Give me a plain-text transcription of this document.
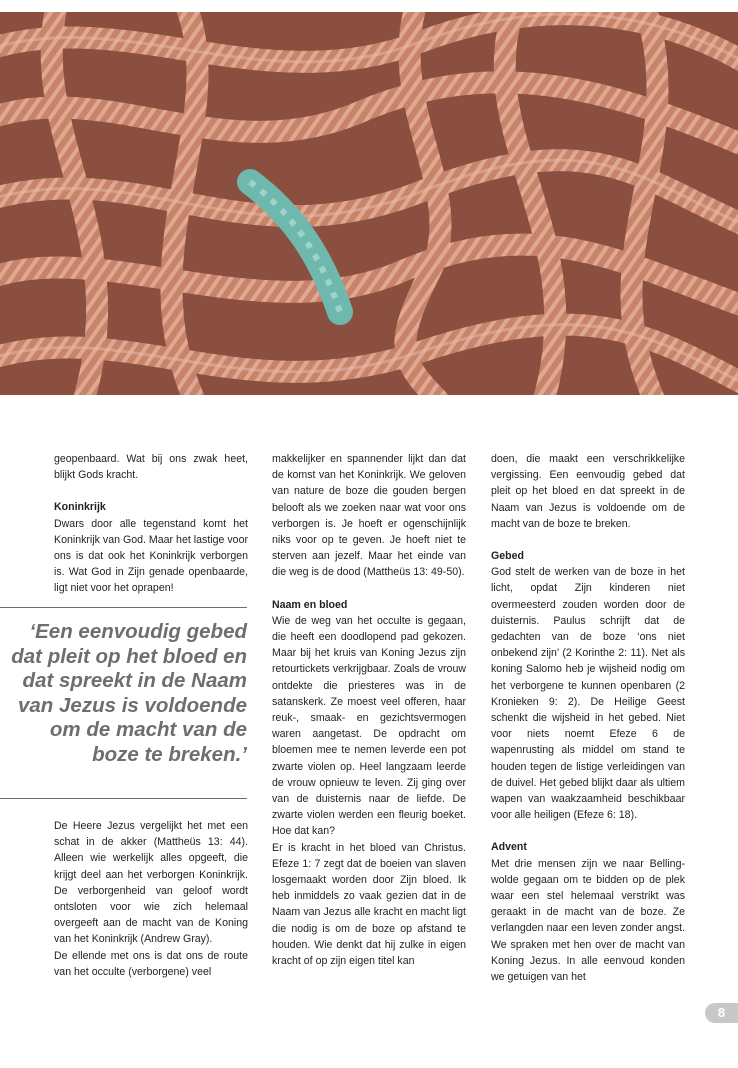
geopenbaard. Wat bij ons zwak heet, blijkt Gods kracht.

Koninkrijk

Dwars door alle tegenstand komt het Koninkrijk van God. Maar het lastige voor ons is dat ook het Koninkrijk verborgen is. Wat God in Zijn genade openbaarde, ligt niet voor het oprapen!

‘Een eenvoudig gebed dat pleit op het bloed en dat spreekt in de Naam van Jezus is voldoende om de macht van de boze te breken.’

De Heere Jezus vergelijkt het met een schat in de akker (Mattheüs 13: 44). Alleen wie werkelijk alles opgeeft, die krijgt deel aan het verborgen Koninkrijk. De verborgenheid van geloof wordt ontsloten voor wie zich helemaal overgeeft aan de macht van de Koning van het Koninkrijk (Andrew Gray).

De ellende met ons is dat ons de route van het occulte (verborgene) veel

makkelijker en spannender lijkt dan dat de komst van het Koninkrijk. We geloven van nature de boze die gouden bergen belooft als we zoeken naar wat voor ons verborgen is. Je hoeft er ogenschijnlijk niks voor op te geven. Je hoeft niet te sterven aan jezelf. Maar het einde van die weg is de dood (Mattheüs 13: 49-50).

Naam en bloed

Wie de weg van het occulte is gegaan, die heeft een doodlopend pad gekozen. Maar bij het kruis van Koning Jezus zijn retourtickets verkrijgbaar. Zoals de vrouw ontdekte die priesteres was in de satanskerk. Ze moest veel offeren, haar reuk-, smaak- en gezichtsvermogen waren aangetast. De opdracht om bloemen mee te nemen leverde een pot zwarte violen op. Heel langzaam leerde de vrouw opnieuw te leven. Zij ging over van de duisternis naar de liefde. De zwarte violen werden een fleurig boeket. Hoe dat kan?

Er is kracht in het bloed van Christus. Efeze 1: 7 zegt dat de boeien van slaven losgemaakt worden door Zijn bloed. Ik heb inmiddels zo vaak gezien dat in de Naam van Jezus alle kracht en macht ligt die nodig is om de boze op afstand te houden. Wie denkt dat hij zulke in eigen kracht of op zijn eigen titel kan

doen, die maakt een verschrikkelijke vergissing. Een eenvoudig gebed dat pleit op het bloed en dat spreekt in de Naam van Jezus is voldoende om de macht van de boze te breken.

Gebed

God stelt de werken van de boze in het licht, opdat Zijn kinderen niet overmeesterd zouden worden door de duisternis. Paulus schrijft dat de gedachten van de boze ‘ons niet onbekend zijn’ (2 Korinthe 2: 11). Net als koning Salomo heb je wijsheid nodig om het verborgene te kunnen openbaren (2 Kronieken 9: 2). De Heilige Geest schenkt die wijsheid in het gebed. Niet voor niets noemt Efeze 6 de wapenrusting als middel om stand te houden tegen de listige verleidingen van de duivel. Het gebed blijkt daar als ultiem wapen van waakzaamheid beschikbaar voor alle heiligen (Efeze 6: 18).

Advent

Met drie mensen zijn we naar Belling-wolde gegaan om te bidden op de plek waar een stel helemaal verstrikt was geraakt in de macht van de boze. Ze verlangden naar een leven zonder angst. We spraken met hen over de macht van Koning Jezus. In alle eenvoud konden we getuigen van het

8
